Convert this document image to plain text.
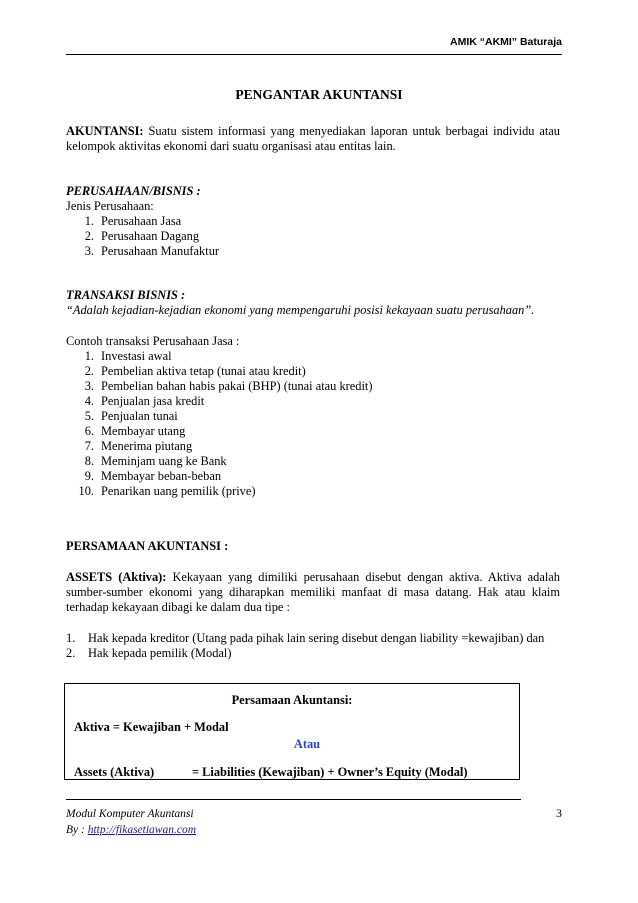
AMIK “AKMI” Baturaja
PENGANTAR AKUNTANSI
AKUNTANSI: Suatu sistem informasi yang menyediakan laporan untuk berbagai individu atau kelompok aktivitas ekonomi dari suatu organisasi atau entitas lain.
PERUSAHAAN/BISNIS :
Jenis Perusahaan:
1. Perusahaan Jasa
2. Perusahaan Dagang
3. Perusahaan Manufaktur
TRANSAKSI BISNIS :
“Adalah kejadian-kejadian ekonomi yang mempengaruhi posisi kekayaan suatu perusahaan”.
Contoh transaksi Perusahaan Jasa :
1. Investasi awal
2. Pembelian aktiva tetap (tunai atau kredit)
3. Pembelian bahan habis pakai (BHP) (tunai atau kredit)
4. Penjualan jasa kredit
5. Penjualan tunai
6. Membayar utang
7. Menerima piutang
8. Meminjam uang ke Bank
9. Membayar beban-beban
10. Penarikan uang pemilik (prive)
PERSAMAAN AKUNTANSI :
ASSETS (Aktiva): Kekayaan yang dimiliki perusahaan disebut dengan aktiva. Aktiva adalah sumber-sumber ekonomi yang diharapkan memiliki manfaat di masa datang. Hak atau klaim terhadap kekayaan dibagi ke dalam dua tipe :
1.	Hak kepada kreditor (Utang pada pihak lain sering disebut dengan liability =kewajiban) dan
2.	Hak kepada pemilik (Modal)
Persamaan Akuntansi:
Aktiva = Kewajiban + Modal
Atau
Assets (Aktiva)	= Liabilities (Kewajiban) + Owner’s Equity (Modal)
Modul Komputer Akuntansi
By : http://fikasetiawan.com
3
